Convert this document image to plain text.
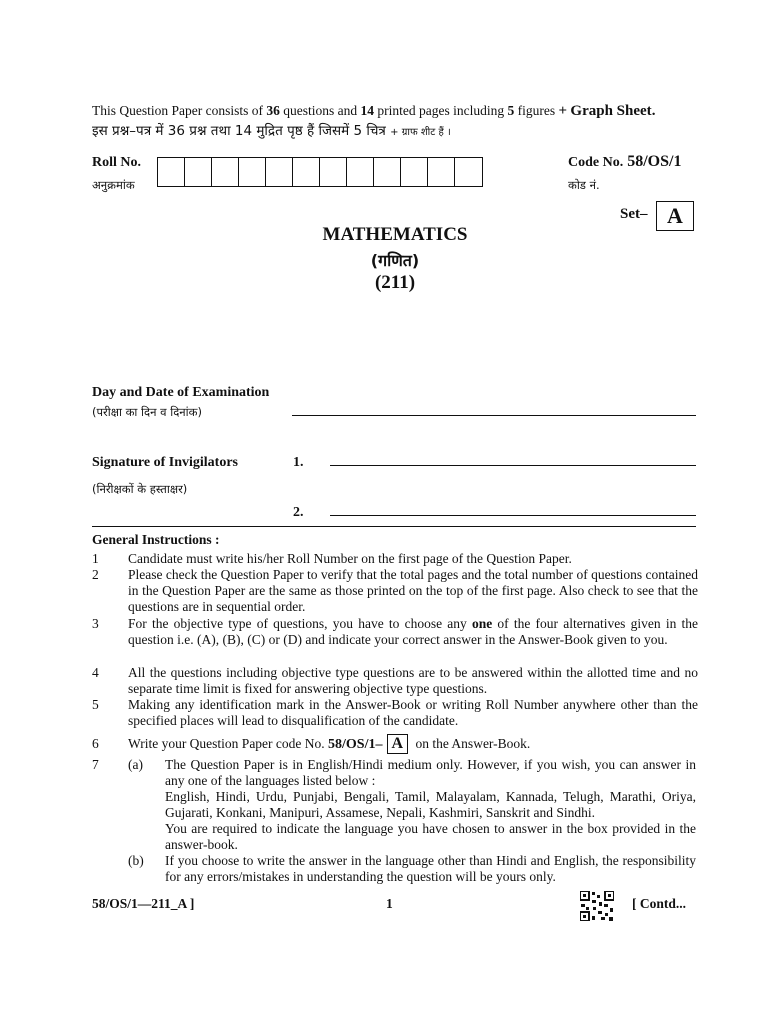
This Question Paper consists of 36 questions and 14 printed pages including 5 figures + Graph Sheet.
इस प्रश्न–पत्र में 36 प्रश्न तथा 14 मुद्रित पृष्ठ हैं जिसमें 5 चित्र + ग्राफ शीट हैं ।
Roll No.
अनुक्रमांक
Code No. 58/OS/1
कोड नं.
Set– A
MATHEMATICS
(गणित)
(211)
Day and Date of Examination
(परीक्षा का दिन व दिनांक)
Signature of Invigilators
(निरीक्षकों के हस्ताक्षर)
1.
2.
General Instructions :
1	Candidate must write his/her Roll Number on the first page of the Question Paper.
2	Please check the Question Paper to verify that the total pages and the total number of questions contained in the Question Paper are the same as those printed on the top of the first page. Also check to see that the questions are in sequential order.
3	For the objective type of questions, you have to choose any one of the four alternatives given in the question i.e. (A), (B), (C) or (D) and indicate your correct answer in the Answer-Book given to you.
4	All the questions including objective type questions are to be answered within the allotted time and no separate time limit is fixed for answering objective type questions.
5	Making any identification mark in the Answer-Book or writing Roll Number anywhere other than the specified places will lead to disqualification of the candidate.
6	Write your Question Paper code No. 58/OS/1– A on the Answer-Book.
7	(a)	The Question Paper is in English/Hindi medium only. However, if you wish, you can answer in any one of the languages listed below :
English, Hindi, Urdu, Punjabi, Bengali, Tamil, Malayalam, Kannada, Telugh, Marathi, Oriya, Gujarati, Konkani, Manipuri, Assamese, Nepali, Kashmiri, Sanskrit and Sindhi.
You are required to indicate the language you have chosen to answer in the box provided in the answer-book.
(b)	If you choose to write the answer in the language other than Hindi and English, the responsibility for any errors/mistakes in understanding the question will be yours only.
58/OS/1—211_A ]	1	[ Contd...
